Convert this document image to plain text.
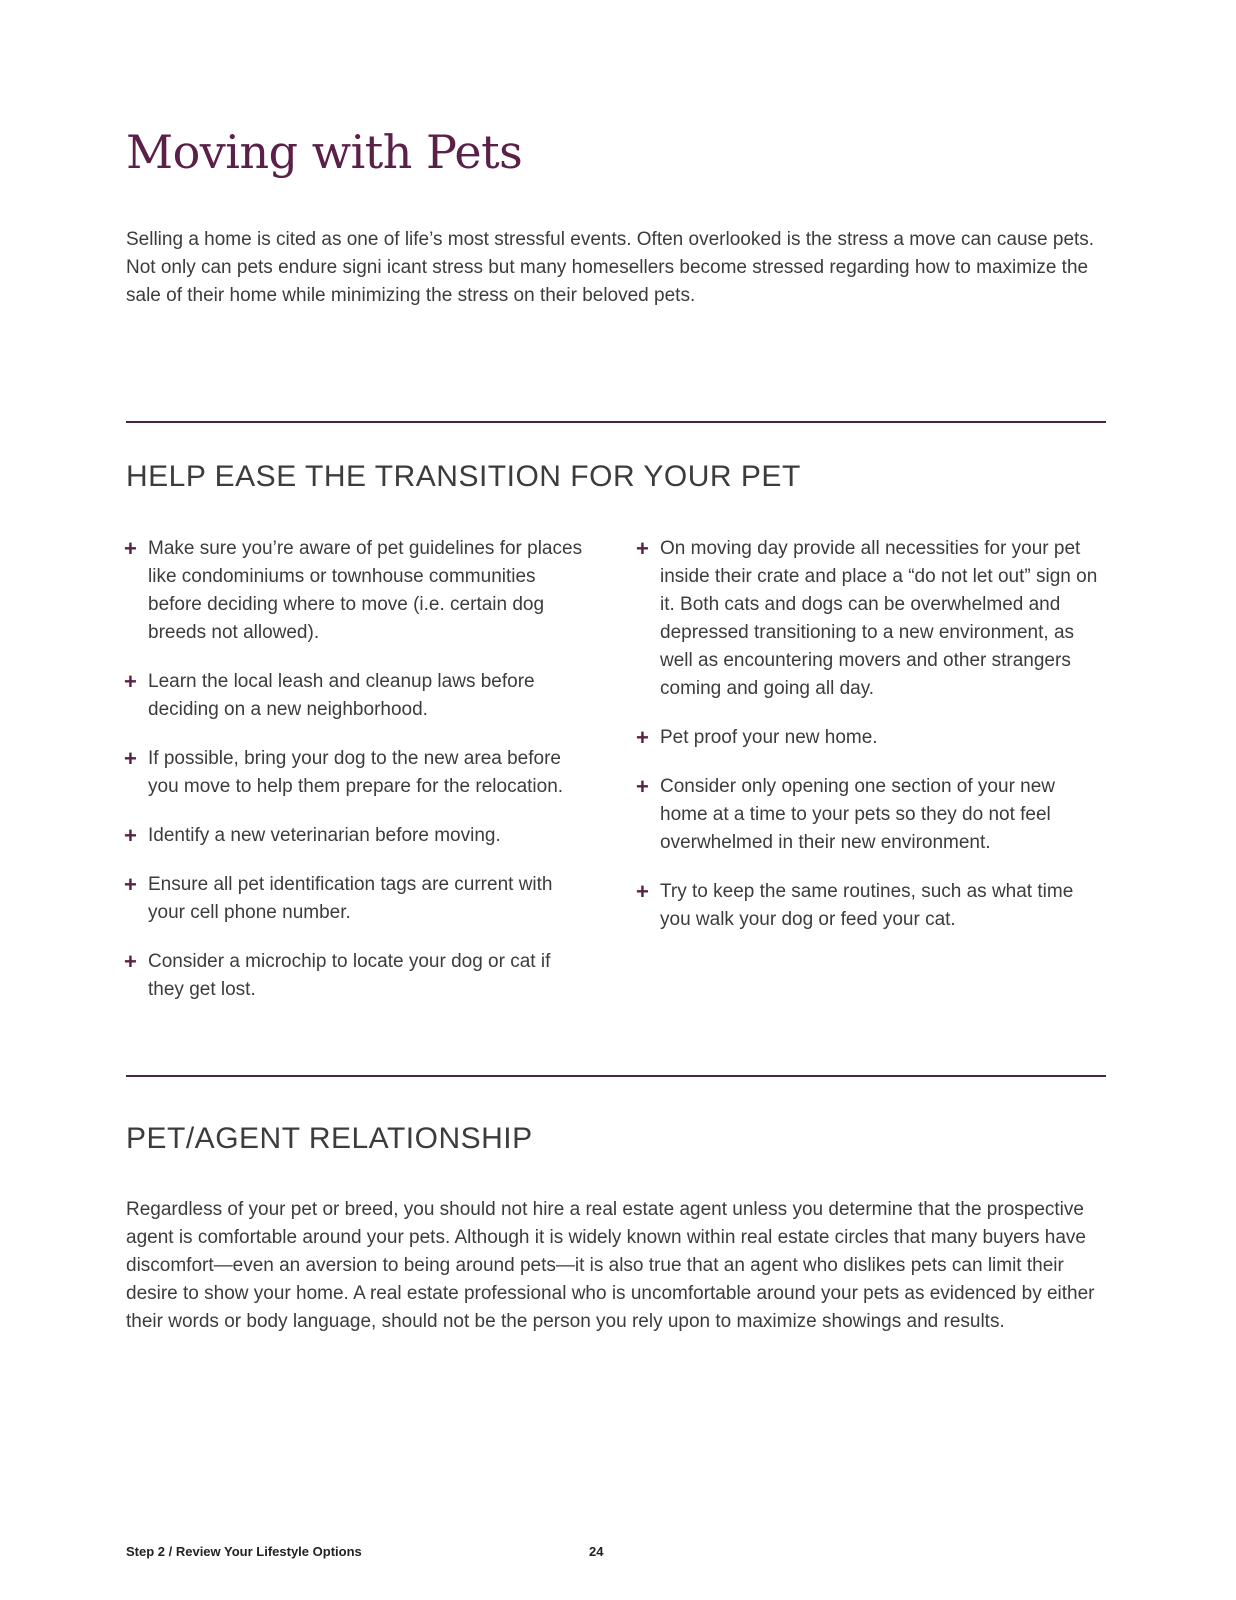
Moving with Pets

Selling a home is cited as one of life’s most stressful events. Often overlooked is the stress a move can cause pets. Not only can pets endure signi icant stress but many homesellers become stressed regarding how to maximize the sale of their home while minimizing the stress on their beloved pets.

HELP EASE THE TRANSITION FOR YOUR PET
+ Make sure you’re aware of pet guidelines for places like condominiums or townhouse communities before deciding where to move (i.e. certain dog breeds not allowed).
+ Learn the local leash and cleanup laws before deciding on a new neighborhood.
+ If possible, bring your dog to the new area before you move to help them prepare for the relocation.
+ Identify a new veterinarian before moving.
+ Ensure all pet identification tags are current with your cell phone number.
+ Consider a microchip to locate your dog or cat if they get lost.
+ On moving day provide all necessities for your pet inside their crate and place a “do not let out” sign on it. Both cats and dogs can be overwhelmed and depressed transitioning to a new environment, as well as encountering movers and other strangers coming and going all day.
+ Pet proof your new home.
+ Consider only opening one section of your new home at a time to your pets so they do not feel overwhelmed in their new environment.
+ Try to keep the same routines, such as what time you walk your dog or feed your cat.
PET/AGENT RELATIONSHIP

Regardless of your pet or breed, you should not hire a real estate agent unless you determine that the prospective agent is comfortable around your pets. Although it is widely known within real estate circles that many buyers have discomfort—even an aversion to being around pets—it is also true that an agent who dislikes pets can limit their desire to show your home. A real estate professional who is uncomfortable around your pets as evidenced by either their words or body language, should not be the person you rely upon to maximize showings and results.

Step 2 / Review Your Lifestyle Options	24
